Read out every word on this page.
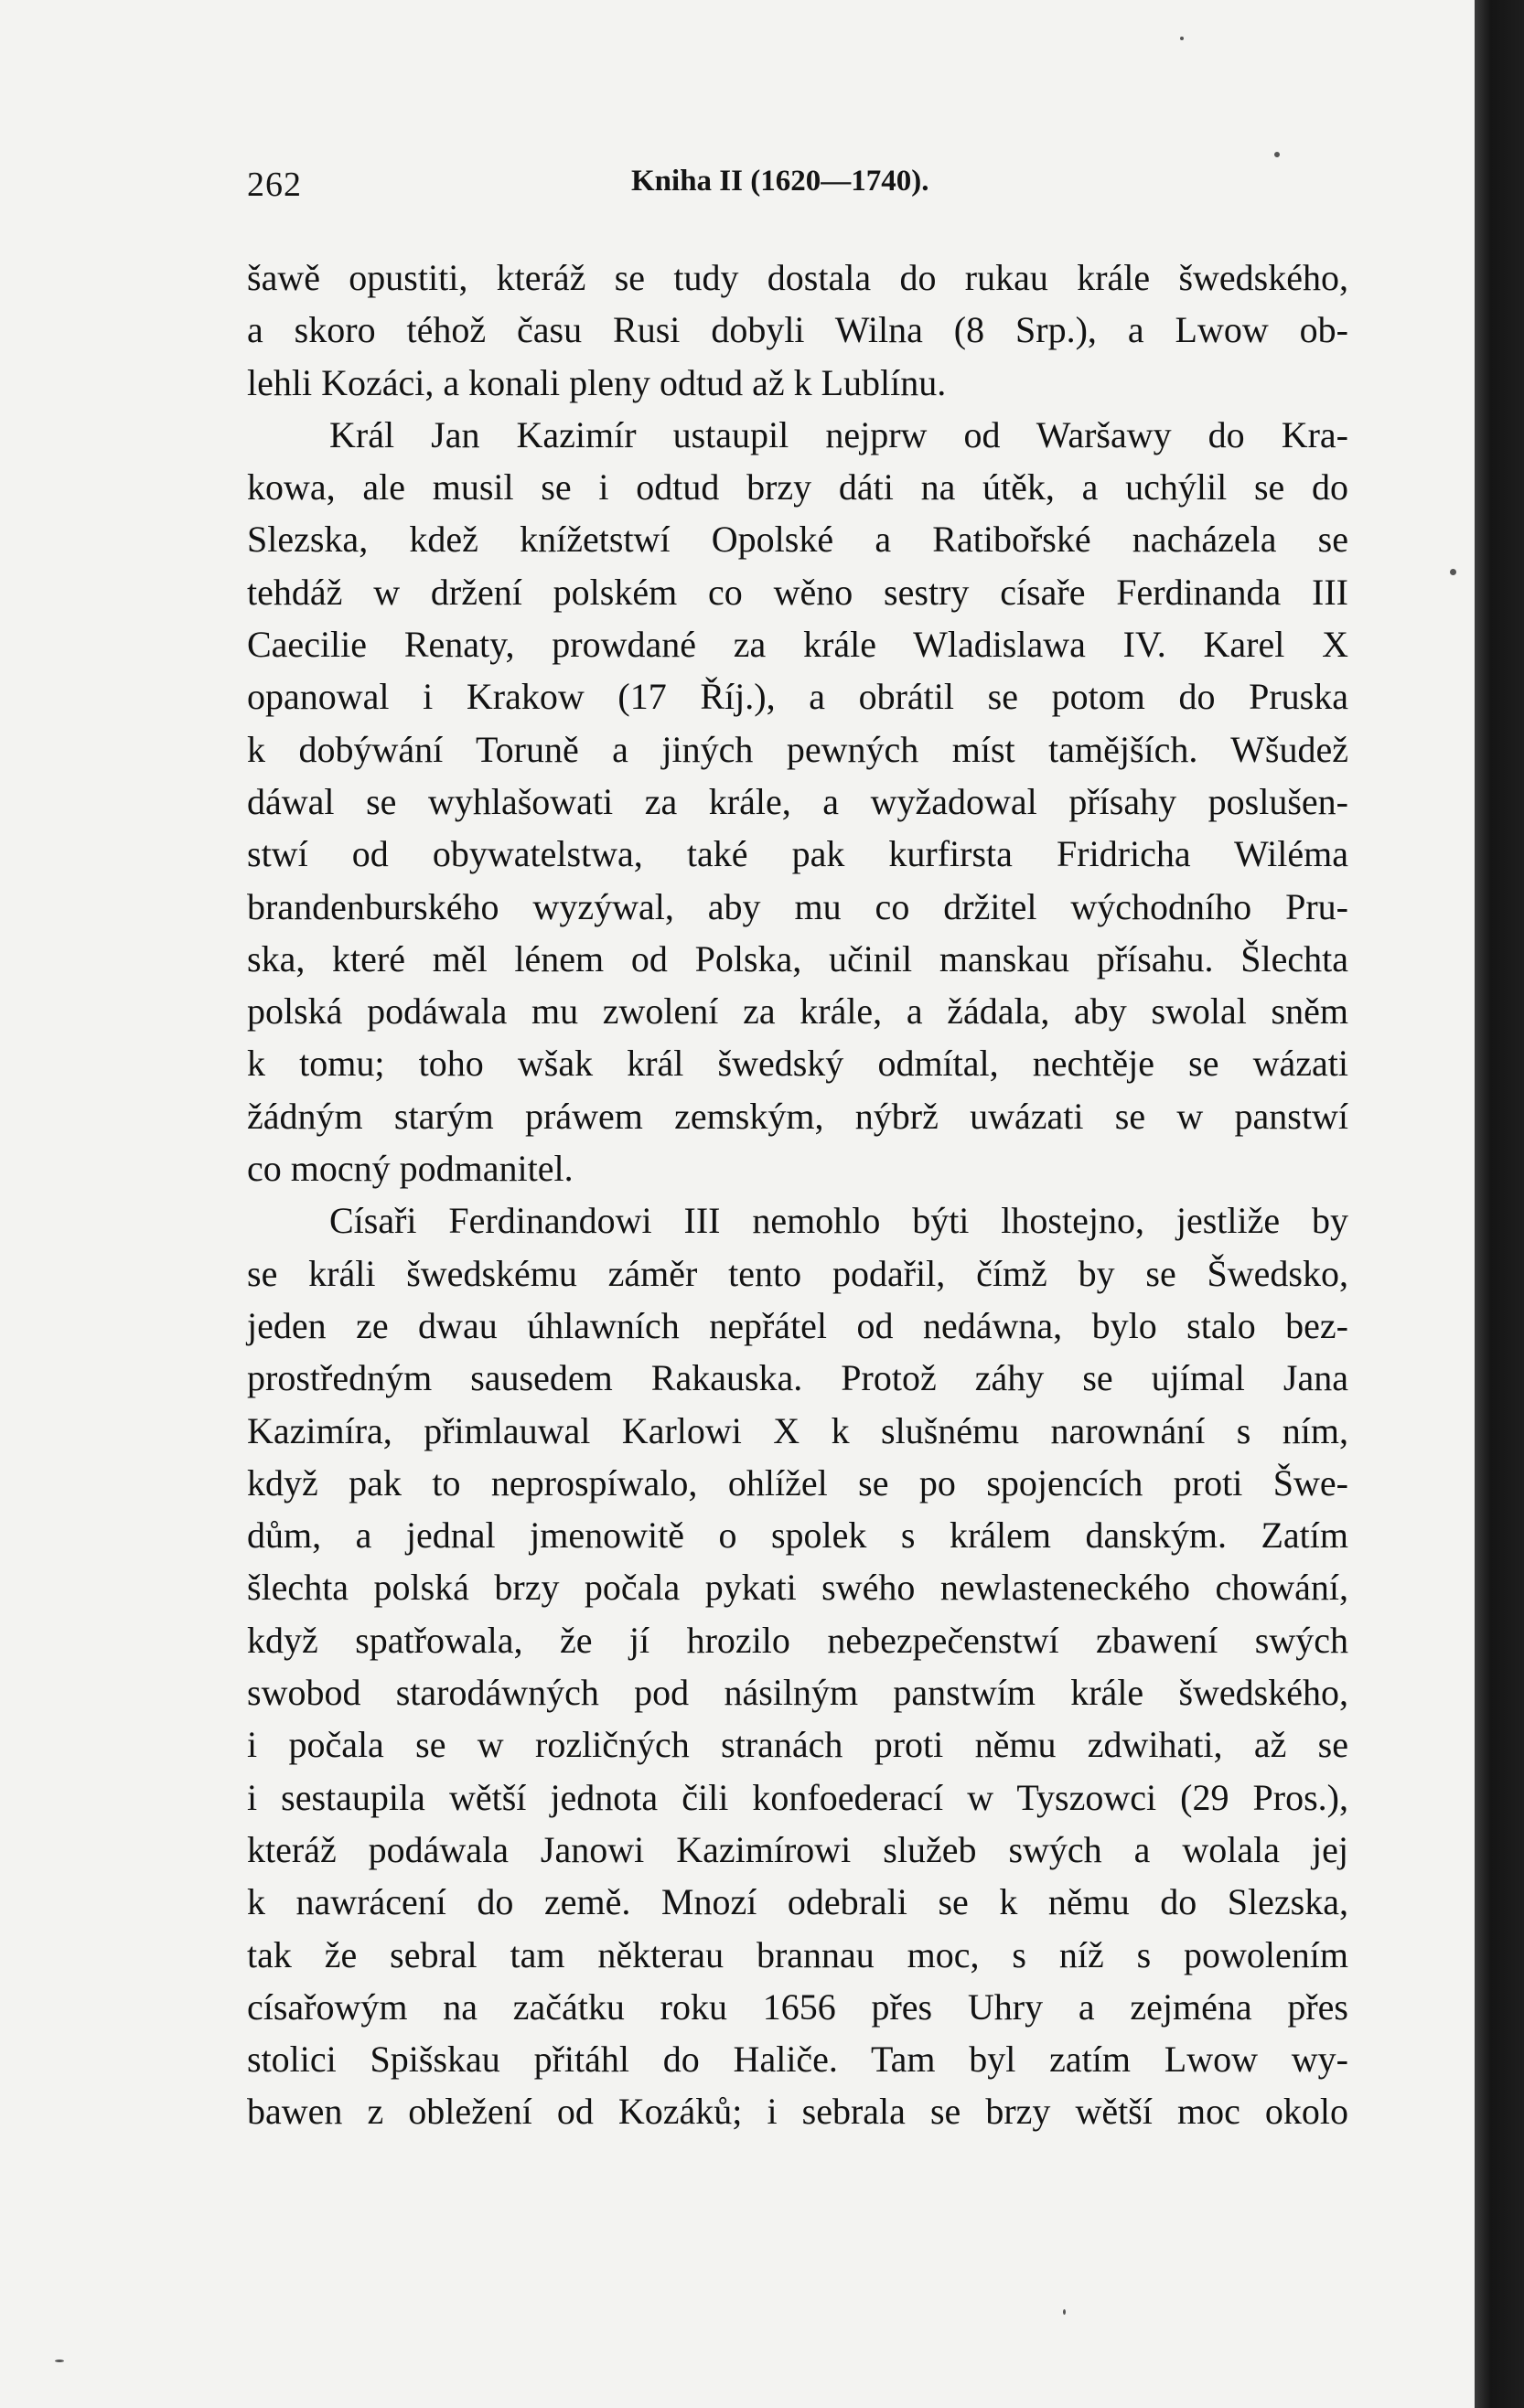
262	Kniha II (1620—1740).

šawě opustiti, kteráž se tudy dostala do rukau krále šwedského,

a skoro téhož času Rusi dobyli Wilna (8 Srp.), a Lwow ob-

lehli Kozáci, a konali pleny odtud až k Lublínu.

Král Jan Kazimír ustaupil nejprw od Waršawy do Kra-

kowa, ale musil se i odtud brzy dáti na útěk, a uchýlil se do

Slezska, kdež knížetstwí Opolské a Ratibořské nacházela se

tehdáž w držení polském co wěno sestry císaře Ferdinanda III

Caecilie Renaty, prowdané za krále Wladislawa IV. Karel X

opanowal i Krakow (17 Říj.), a obrátil se potom do Pruska

k dobýwání Toruně a jiných pewných míst tamějších. Wšudež

dáwal se wyhlašowati za krále, a wyžadowal přísahy poslušen-

stwí od obywatelstwa, také pak kurfirsta Fridricha Wiléma

brandenburského wyzýwal, aby mu co držitel wýchodního Pru-

ska, které měl lénem od Polska, učinil manskau přísahu. Šlechta

polská podáwala mu zwolení za krále, a žádala, aby swolal sněm

k tomu; toho wšak král šwedský odmítal, nechtěje se wázati

žádným starým práwem zemským, nýbrž uwázati se w panstwí

co mocný podmanitel.

Císaři Ferdinandowi III nemohlo býti lhostejno, jestliže by

se králi šwedskému záměr tento podařil, čímž by se Šwedsko,

jeden ze dwau úhlawních nepřátel od nedáwna, bylo stalo bez-

prostředným sausedem Rakauska. Protož záhy se ujímal Jana

Kazimíra, přimlauwal Karlowi X k slušnému narownání s ním,

když pak to neprospíwalo, ohlížel se po spojencích proti Šwe-

dům, a jednal jmenowitě o spolek s králem danským. Zatím

šlechta polská brzy počala pykati swého newlasteneckého chowání,

když spatřowala, že jí hrozilo nebezpečenstwí zbawení swých

swobod starodáwných pod násilným panstwím krále šwedského,

i počala se w rozličných stranách proti němu zdwihati, až se

i sestaupila wětší jednota čili konfoederací w Tyszowci (29 Pros.),

kteráž podáwala Janowi Kazimírowi služeb swých a wolala jej

k nawrácení do země. Mnozí odebrali se k němu do Slezska,

tak že sebral tam některau brannau moc, s níž s powolením

císařowým na začátku roku 1656 přes Uhry a zejména přes

stolici Spišskau přitáhl do Haliče. Tam byl zatím Lwow wy-

bawen z obležení od Kozáků; i sebrala se brzy wětší moc okolo
